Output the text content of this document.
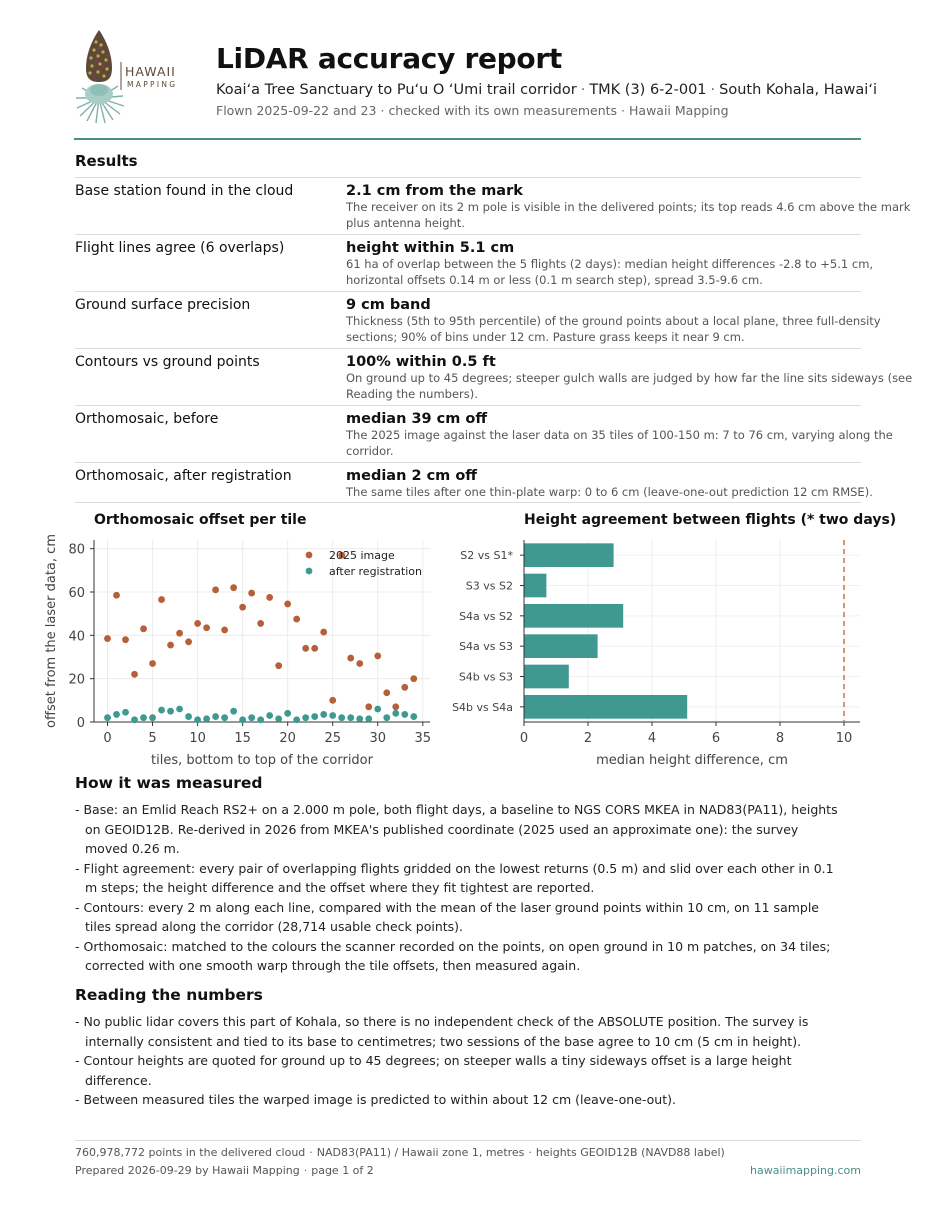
HAWAII
MAPPING
LiDAR accuracy report
Koaiʻa Tree Sanctuary to Puʻu O ʻUmi trail corridor · TMK (3) 6-2-001 · South Kohala, Hawaiʻi
Flown 2025-09-22 and 23 · checked with its own measurements · Hawaii Mapping
Results
Base station found in the cloud	2.1 cm from the mark
The receiver on its 2 m pole is visible in the delivered points; its top reads 4.6 cm above the mark plus antenna height.
Flight lines agree (6 overlaps)	height within 5.1 cm
61 ha of overlap between the 5 flights (2 days): median height differences -2.8 to +5.1 cm, horizontal offsets 0.14 m or less (0.1 m search step), spread 3.5-9.6 cm.
Ground surface precision	9 cm band
Thickness (5th to 95th percentile) of the ground points about a local plane, three full-density sections; 90% of bins under 12 cm. Pasture grass keeps it near 9 cm.
Contours vs ground points	100% within 0.5 ft
On ground up to 45 degrees; steeper gulch walls are judged by how far the line sits sideways (see Reading the numbers).
Orthomosaic, before	median 39 cm off
The 2025 image against the laser data on 35 tiles of 100-150 m: 7 to 76 cm, varying along the corridor.
Orthomosaic, after registration	median 2 cm off
The same tiles after one thin-plate warp: 0 to 6 cm (leave-one-out prediction 12 cm RMSE).
Orthomosaic offset per tile	Height agreement between flights (* two days)
0	5	10 15 20 25 30 35
0
20
40
60
80
tiles, bottom to top of the corridor
offset from the laser data, cm	2025 image
after registration
0	2	4	6	8	10
S2 vs S1*
S3 vs S2
S4a vs S2
S4a vs S3
S4b vs S3
S4b vs S4a
median height difference, cm
How it was measured

- Base: an Emlid Reach RS2+ on a 2.000 m pole, both flight days, a baseline to NGS CORS MKEA in NAD83(PA11), heights on GEOID12B. Re-derived in 2026 from MKEA's published coordinate (2025 used an approximate one): the survey moved 0.26 m.

- Flight agreement: every pair of overlapping flights gridded on the lowest returns (0.5 m) and slid over each other in 0.1 m steps; the height difference and the offset where they fit tightest are reported.

- Contours: every 2 m along each line, compared with the mean of the laser ground points within 10 cm, on 11 sample tiles spread along the corridor (28,714 usable check points).

- Orthomosaic: matched to the colours the scanner recorded on the points, on open ground in 10 m patches, on 34 tiles; corrected with one smooth warp through the tile offsets, then measured again.

Reading the numbers

- No public lidar covers this part of Kohala, so there is no independent check of the ABSOLUTE position. The survey is internally consistent and tied to its base to centimetres; two sessions of the base agree to 10 cm (5 cm in height).

- Contour heights are quoted for ground up to 45 degrees; on steeper walls a tiny sideways offset is a large height difference.

- Between measured tiles the warped image is predicted to within about 12 cm (leave-one-out).

760,978,772 points in the delivered cloud · NAD83(PA11) / Hawaii zone 1, metres · heights GEOID12B (NAVD88 label)
Prepared 2026-09-29 by Hawaii Mapping · page 1 of 2	hawaiimapping.com
